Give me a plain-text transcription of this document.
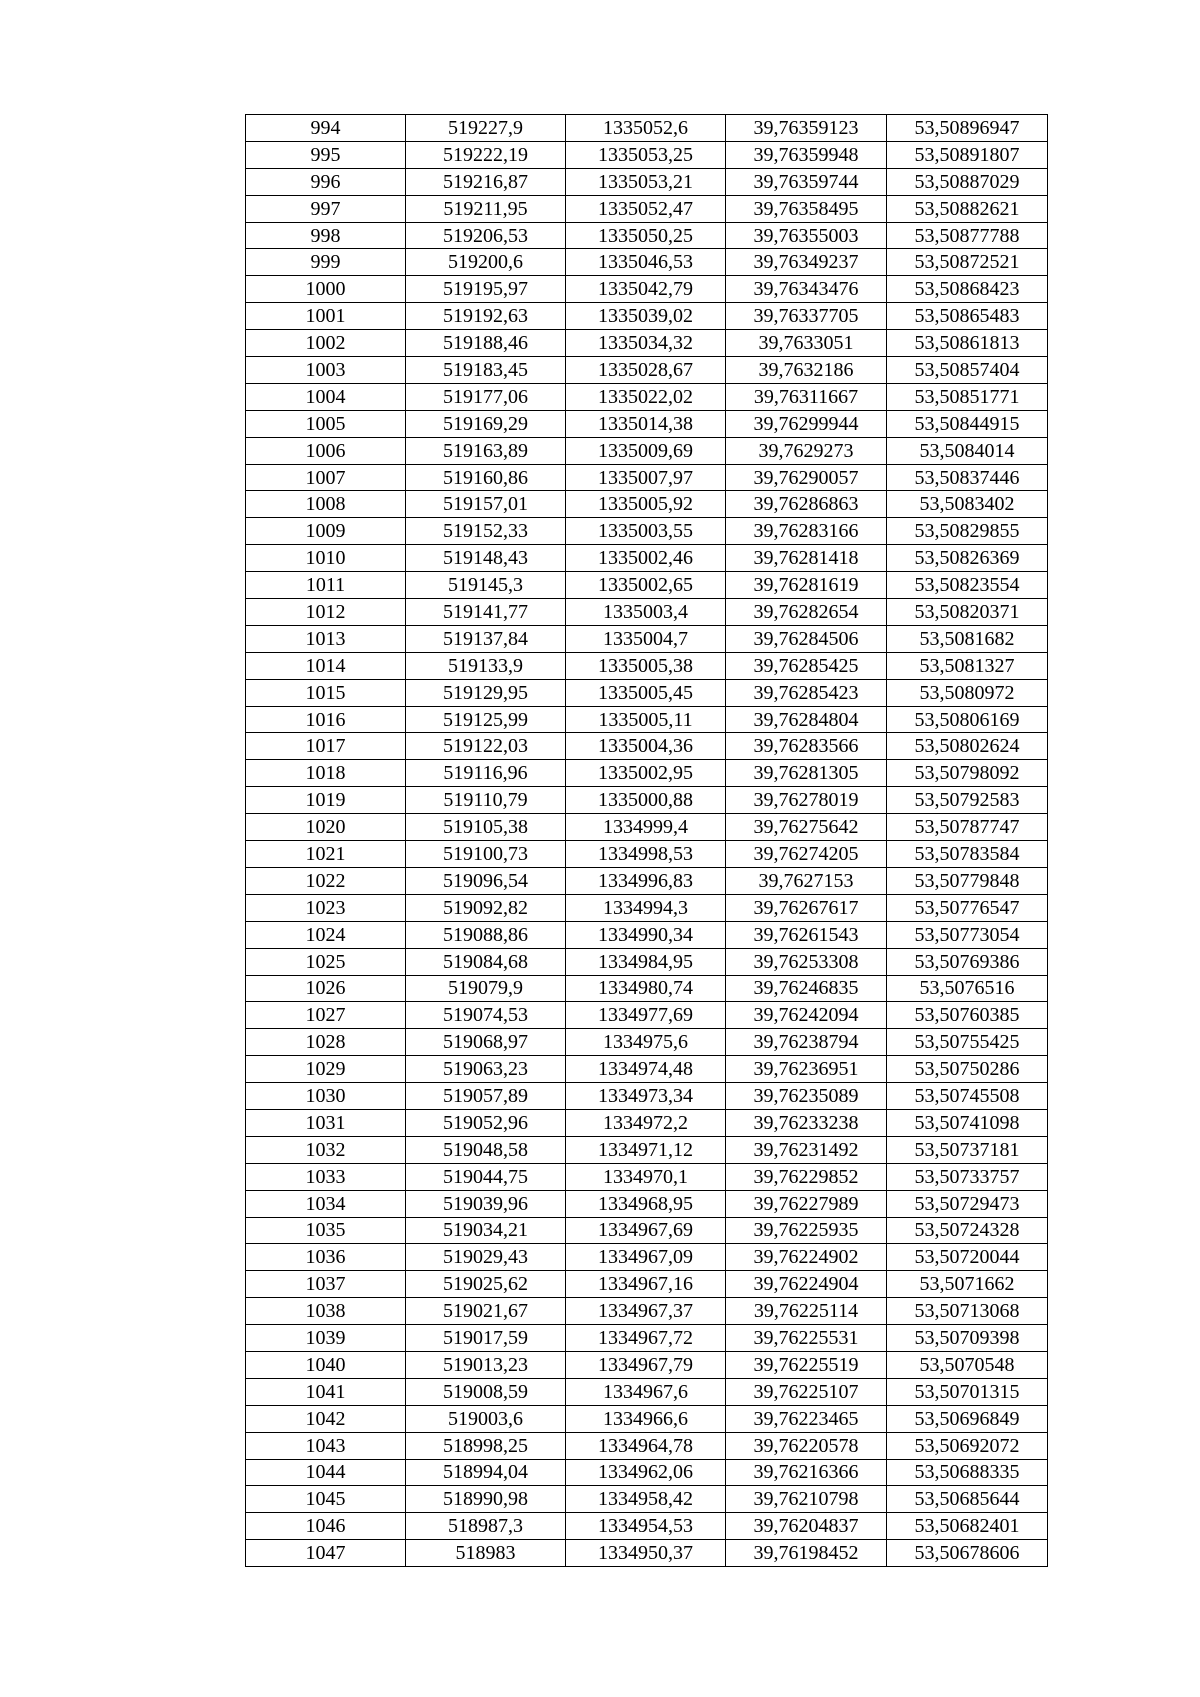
994	519227,9	1335052,6	39,76359123	53,50896947
995	519222,19	1335053,25	39,76359948	53,50891807
996	519216,87	1335053,21	39,76359744	53,50887029
997	519211,95	1335052,47	39,76358495	53,50882621
998	519206,53	1335050,25	39,76355003	53,50877788
999	519200,6	1335046,53	39,76349237	53,50872521
1000	519195,97	1335042,79	39,76343476	53,50868423
1001	519192,63	1335039,02	39,76337705	53,50865483
1002	519188,46	1335034,32	39,7633051	53,50861813
1003	519183,45	1335028,67	39,7632186	53,50857404
1004	519177,06	1335022,02	39,76311667	53,50851771
1005	519169,29	1335014,38	39,76299944	53,50844915
1006	519163,89	1335009,69	39,7629273	53,5084014
1007	519160,86	1335007,97	39,76290057	53,50837446
1008	519157,01	1335005,92	39,76286863	53,5083402
1009	519152,33	1335003,55	39,76283166	53,50829855
1010	519148,43	1335002,46	39,76281418	53,50826369
1011	519145,3	1335002,65	39,76281619	53,50823554
1012	519141,77	1335003,4	39,76282654	53,50820371
1013	519137,84	1335004,7	39,76284506	53,5081682
1014	519133,9	1335005,38	39,76285425	53,5081327
1015	519129,95	1335005,45	39,76285423	53,5080972
1016	519125,99	1335005,11	39,76284804	53,50806169
1017	519122,03	1335004,36	39,76283566	53,50802624
1018	519116,96	1335002,95	39,76281305	53,50798092
1019	519110,79	1335000,88	39,76278019	53,50792583
1020	519105,38	1334999,4	39,76275642	53,50787747
1021	519100,73	1334998,53	39,76274205	53,50783584
1022	519096,54	1334996,83	39,7627153	53,50779848
1023	519092,82	1334994,3	39,76267617	53,50776547
1024	519088,86	1334990,34	39,76261543	53,50773054
1025	519084,68	1334984,95	39,76253308	53,50769386
1026	519079,9	1334980,74	39,76246835	53,5076516
1027	519074,53	1334977,69	39,76242094	53,50760385
1028	519068,97	1334975,6	39,76238794	53,50755425
1029	519063,23	1334974,48	39,76236951	53,50750286
1030	519057,89	1334973,34	39,76235089	53,50745508
1031	519052,96	1334972,2	39,76233238	53,50741098
1032	519048,58	1334971,12	39,76231492	53,50737181
1033	519044,75	1334970,1	39,76229852	53,50733757
1034	519039,96	1334968,95	39,76227989	53,50729473
1035	519034,21	1334967,69	39,76225935	53,50724328
1036	519029,43	1334967,09	39,76224902	53,50720044
1037	519025,62	1334967,16	39,76224904	53,5071662
1038	519021,67	1334967,37	39,76225114	53,50713068
1039	519017,59	1334967,72	39,76225531	53,50709398
1040	519013,23	1334967,79	39,76225519	53,5070548
1041	519008,59	1334967,6	39,76225107	53,50701315
1042	519003,6	1334966,6	39,76223465	53,50696849
1043	518998,25	1334964,78	39,76220578	53,50692072
1044	518994,04	1334962,06	39,76216366	53,50688335
1045	518990,98	1334958,42	39,76210798	53,50685644
1046	518987,3	1334954,53	39,76204837	53,50682401
1047	518983	1334950,37	39,76198452	53,50678606
